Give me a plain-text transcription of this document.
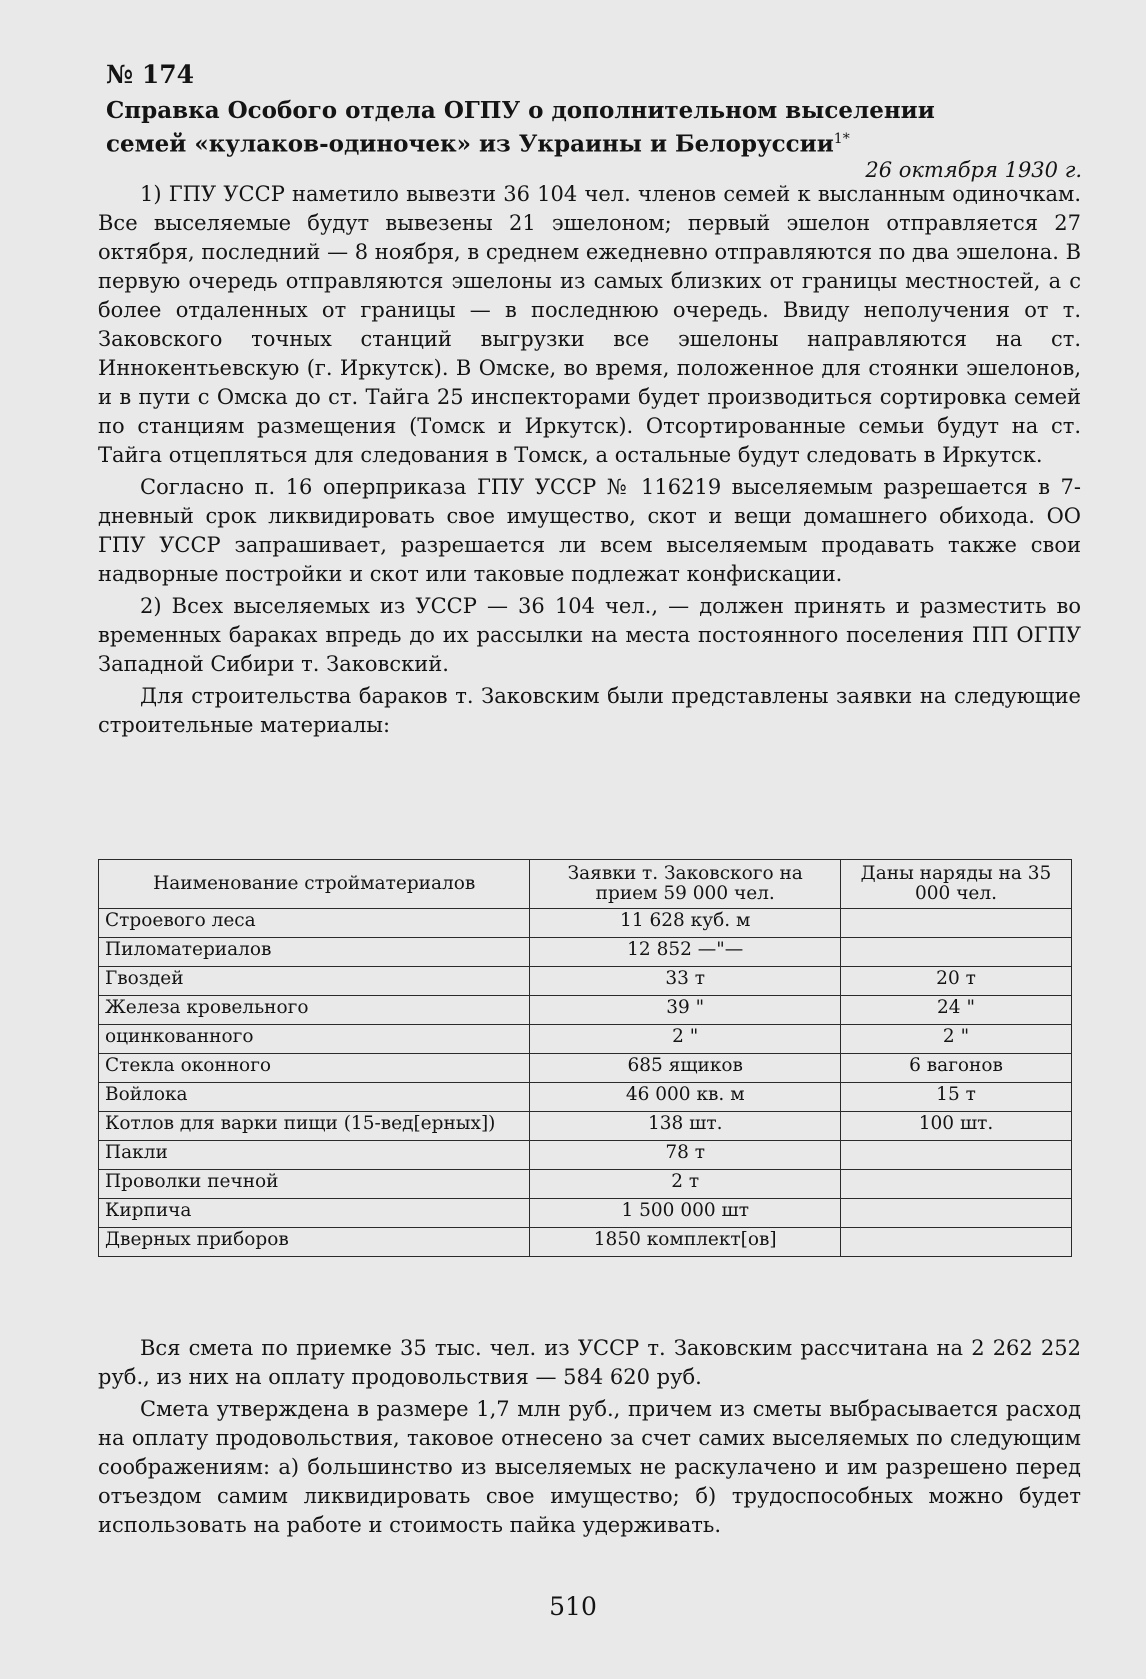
№ 174
Справка Особого отдела ОГПУ о дополнительном выселении семей «кулаков-одиночек» из Украины и Белоруссии$^{1*}$
26 октября 1930 г.

1) ГПУ УССР наметило вывезти 36 104 чел. членов семей к высланным одиночкам. Все выселяемые будут вывезены 21 эшелоном; первый эшелон отправляется 27 октября, последний — 8 ноября, в среднем ежедневно отправляются по два эшелона. В первую очередь отправляются эшелоны из самых близких от границы местностей, а с более отдаленных от границы — в последнюю очередь. Ввиду неполучения от т. Заковского точных станций выгрузки все эшелоны направляются на ст. Иннокентьевскую (г. Иркутск). В Омске, во время, положенное для стоянки эшелонов, и в пути с Омска до ст. Тайга 25 инспекторами будет производиться сортировка семей по станциям размещения (Томск и Иркутск). Отсортированные семьи будут на ст. Тайга отцепляться для следования в Томск, а остальные будут следовать в Иркутск.

Согласно п. 16 оперприказа ГПУ УССР № 116219 выселяемым разрешается в 7-дневный срок ликвидировать свое имущество, скот и вещи домашнего обихода. ОО ГПУ УССР запрашивает, разрешается ли всем выселяемым продавать также свои надворные постройки и скот или таковые подлежат конфискации.

2) Всех выселяемых из УССР — 36 104 чел., — должен принять и разместить во временных бараках впредь до их рассылки на места постоянного поселения ПП ОГПУ Западной Сибири т. Заковский.

Для строительства бараков т. Заковским были представлены заявки на следующие строительные материалы:

Наименование стройматериалов	Заявки т. Заковского на прием 59 000 чел.	Даны наряды на 35 000 чел.
Строевого леса	11 628 куб. м	
Пиломатериалов	12 852 —"—	
Гвоздей	33 т	20 т
Железа кровельного	39 "	24 "
оцинкованного	2 "	2 "
Стекла оконного	685 ящиков	6 вагонов
Войлока	46 000 кв. м	15 т
Котлов для варки пищи (15-вед[ерных])	138 шт.	100 шт.
Пакли	78 т	
Проволки печной	2 т	
Кирпича	1 500 000 шт	
Дверных приборов	1850 комплект[ов]	

Вся смета по приемке 35 тыс. чел. из УССР т. Заковским рассчитана на 2 262 252 руб., из них на оплату продовольствия — 584 620 руб.

Смета утверждена в размере 1,7 млн руб., причем из сметы выбрасывается расход на оплату продовольствия, таковое отнесено за счет самих выселяемых по следующим соображениям: а) большинство из выселяемых не раскулачено и им разрешено перед отъездом самим ликвидировать свое имущество; б) трудоспособных можно будет использовать на работе и стоимость пайка удерживать.

510
